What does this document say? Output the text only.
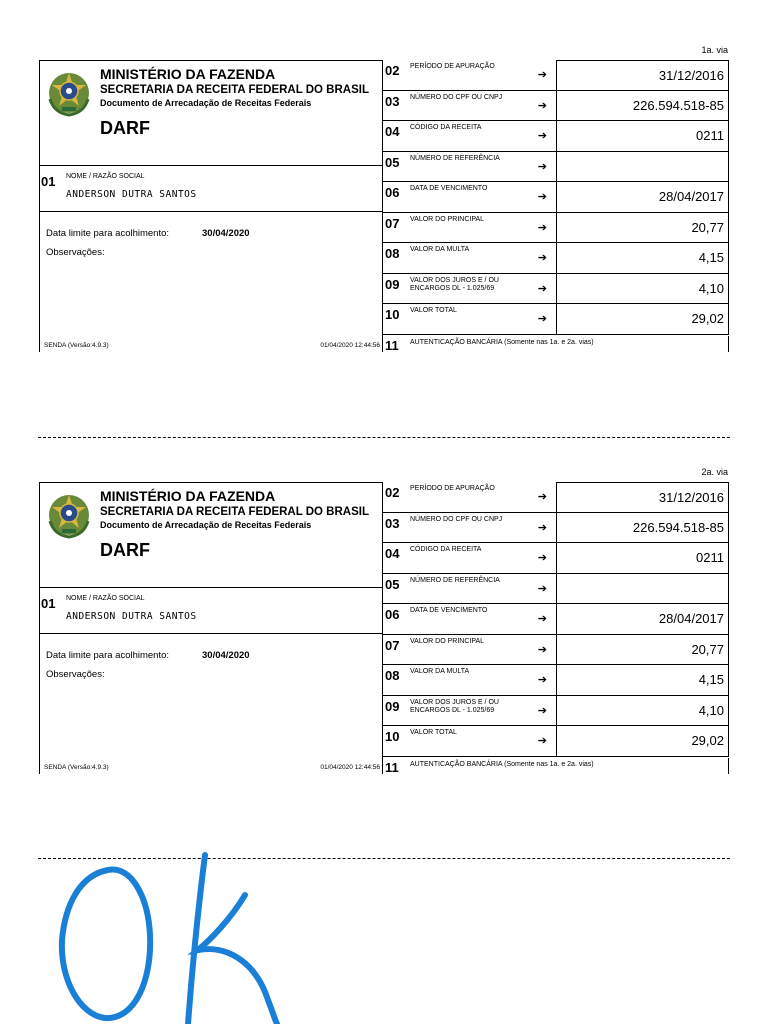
1a. via
MINISTÉRIO DA FAZENDA
SECRETARIA DA RECEITA FEDERAL DO BRASIL
Documento de Arrecadação de Receitas Federais
DARF
01 NOME / RAZÃO SOCIAL
ANDERSON DUTRA SANTOS
Data limite para acolhimento:	30/04/2020
Observações:
SENDA (Versão:4.9.3)	01/04/2020 12:44:56
02 PERÍODO DE APURAÇÃO
➔	31/12/2016
03 NÚMERO DO CPF OU CNPJ
➔	226.594.518-85
04 CÓDIGO DA RECEITA
➔	0211
05 NÚMERO DE REFERÊNCIA
➔
06 DATA DE VENCIMENTO
➔	28/04/2017
07 VALOR DO PRINCIPAL
➔	20,77
08 VALOR DA MULTA
➔	4,15
09 VALOR DOS JUROS E / OU ENCARGOS DL - 1.025/69	➔	4,10
10 VALOR TOTAL
➔	29,02
11 AUTENTICAÇÃO BANCÁRIA (Somente nas 1a. e 2a. vias)
2a. via
MINISTÉRIO DA FAZENDA
SECRETARIA DA RECEITA FEDERAL DO BRASIL
Documento de Arrecadação de Receitas Federais
DARF
01 NOME / RAZÃO SOCIAL
ANDERSON DUTRA SANTOS
Data limite para acolhimento:	30/04/2020
Observações:
SENDA (Versão:4.9.3)	01/04/2020 12:44:56
02 PERÍODO DE APURAÇÃO
➔	31/12/2016
03 NÚMERO DO CPF OU CNPJ
➔	226.594.518-85
04 CÓDIGO DA RECEITA
➔	0211
05 NÚMERO DE REFERÊNCIA
➔
06 DATA DE VENCIMENTO
➔	28/04/2017
07 VALOR DO PRINCIPAL
➔	20,77
08 VALOR DA MULTA
➔	4,15
09 VALOR DOS JUROS E / OU ENCARGOS DL - 1.025/69	➔	4,10
10 VALOR TOTAL
➔	29,02
11 AUTENTICAÇÃO BANCÁRIA (Somente nas 1a. e 2a. vias)
